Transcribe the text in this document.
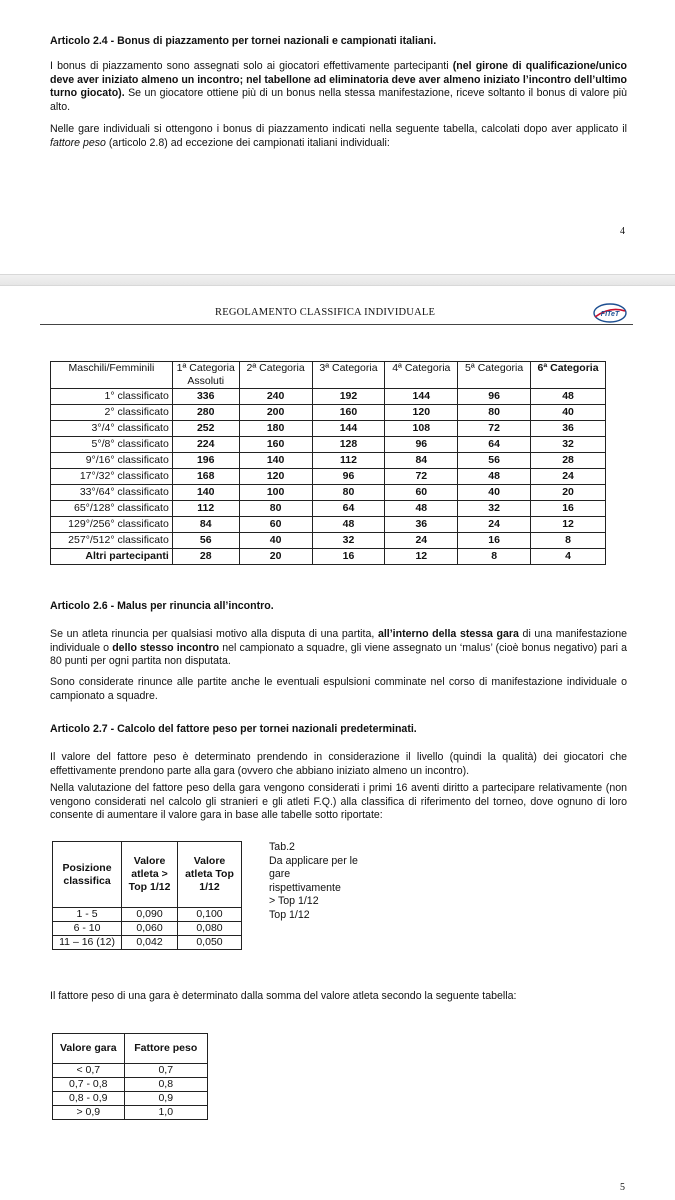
Articolo 2.4 - Bonus di piazzamento per tornei nazionali e campionati italiani.

I bonus di piazzamento sono assegnati solo ai giocatori effettivamente partecipanti (nel girone di qualificazione/unico deve aver iniziato almeno un incontro; nel tabellone ad eliminatoria deve aver almeno iniziato l’incontro dell’ultimo turno giocato). Se un giocatore ottiene più di un bonus nella stessa manifestazione, riceve soltanto il bonus di valore più alto.

Nelle gare individuali si ottengono i bonus di piazzamento indicati nella seguente tabella, calcolati dopo aver applicato il fattore peso (articolo 2.8) ad eccezione dei campionati italiani individuali:

4
REGOLAMENTO CLASSIFICA INDIVIDUALE	FITeT
Maschili/Femminili	1ª Categoria Assoluti	2ª Categoria	3ª Categoria	4ª Categoria	5ª Categoria	6ª Categoria
1° classificato	336	240	192	144	96	48
2° classificato	280	200	160	120	80	40
3°/4° classificato	252	180	144	108	72	36
5°/8° classificato	224	160	128	96	64	32
9°/16° classificato	196	140	112	84	56	28
17°/32° classificato	168	120	96	72	48	24
33°/64° classificato	140	100	80	60	40	20
65°/128° classificato	112	80	64	48	32	16
129°/256° classificato	84	60	48	36	24	12
257°/512° classificato	56	40	32	24	16	8
Altri partecipanti	28	20	16	12	8	4

Articolo 2.6 - Malus per rinuncia all’incontro.

Se un atleta rinuncia per qualsiasi motivo alla disputa di una partita, all’interno della stessa gara di una manifestazione individuale o dello stesso incontro nel campionato a squadre, gli viene assegnato un ‘malus’ (cioè bonus negativo) pari a 80 punti per ogni partita non disputata.

Sono considerate rinunce alle partite anche le eventuali espulsioni comminate nel corso di manifestazione individuale o campionato a squadre.

Articolo 2.7 - Calcolo del fattore peso per tornei nazionali predeterminati.

Il valore del fattore peso è determinato prendendo in considerazione il livello (quindi la qualità) dei giocatori che effettivamente prendono parte alla gara (ovvero che abbiano iniziato almeno un incontro).

Nella valutazione del fattore peso della gara vengono considerati i primi 16 aventi diritto a partecipare relativamente (non vengono considerati nel calcolo gli stranieri e gli atleti F.Q.) alla classifica di riferimento del torneo, dove ognuno di loro consente di aumentare il valore gara in base alle tabelle sotto riportate:

Posizione classifica	Valore atleta > Top 1/12	Valore atleta Top 1/12
1 - 5	0,090	0,100
6 - 10	0,060	0,080
11 – 16 (12)	0,042	0,050
Tab.2
Da applicare per le
gare
rispettivamente
> Top 1/12
Top 1/12

Il fattore peso di una gara è determinato dalla somma del valore atleta secondo la seguente tabella:

Valore gara	Fattore peso
< 0,7	0,7
0,7 - 0,8	0,8
0,8 - 0,9	0,9
> 0,9	1,0
5
